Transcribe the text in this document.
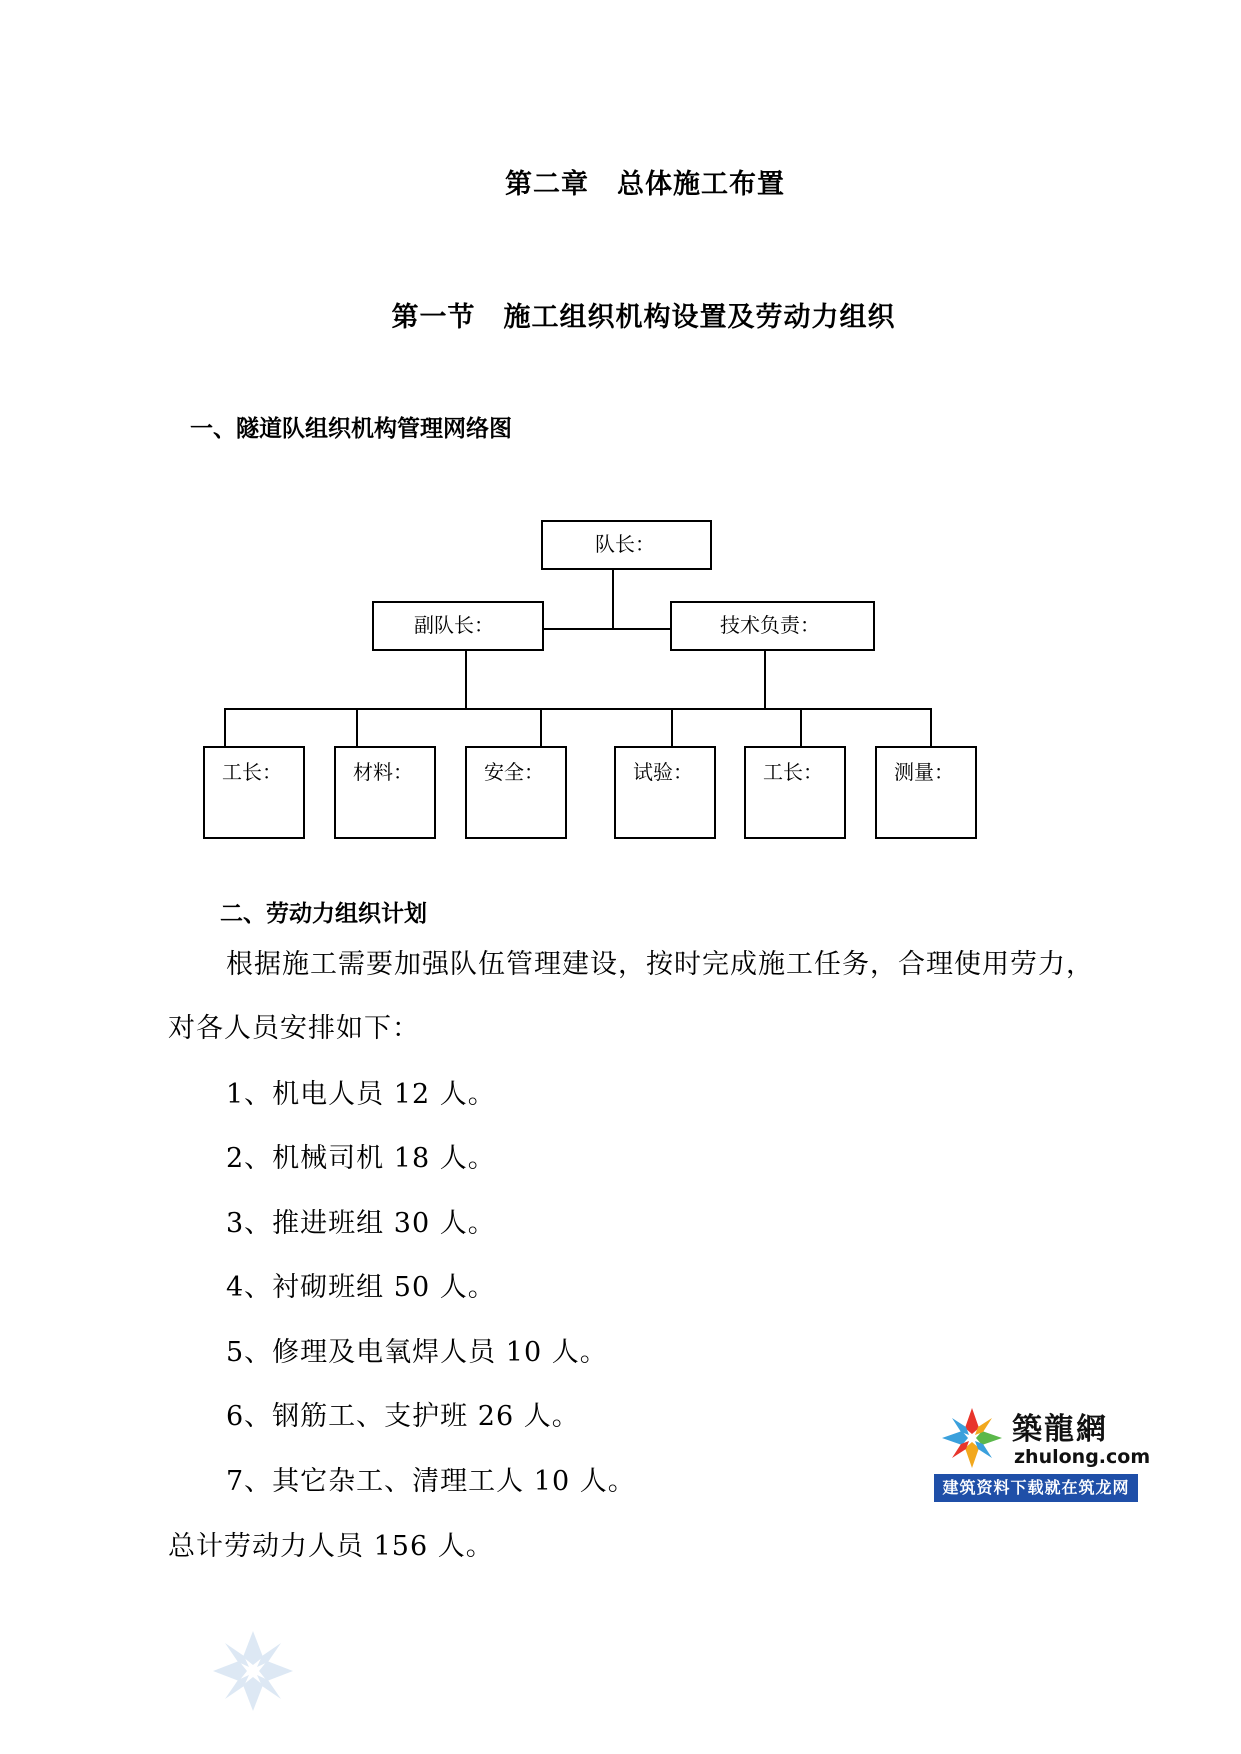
第二章　总体施工布置
第一节　施工组织机构设置及劳动力组织
一、隧道队组织机构管理网络图
队长：
副队长：	技术负责：
工长：	材料：	安全：	试验：	工长：	测量：
二、劳动力组织计划
根据施工需要加强队伍管理建设，按时完成施工任务，合理使用劳力，
对各人员安排如下：
1、机电人员 12 人。
2、机械司机 18 人。
3、推进班组 30 人。
4、衬砌班组 50 人。
5、修理及电氧焊人员 10 人。
6、钢筋工、支护班 26 人。
7、其它杂工、清理工人 10 人。
总计劳动力人员 156 人。
築龍網
zhulong.com
建筑资料下载就在筑龙网
